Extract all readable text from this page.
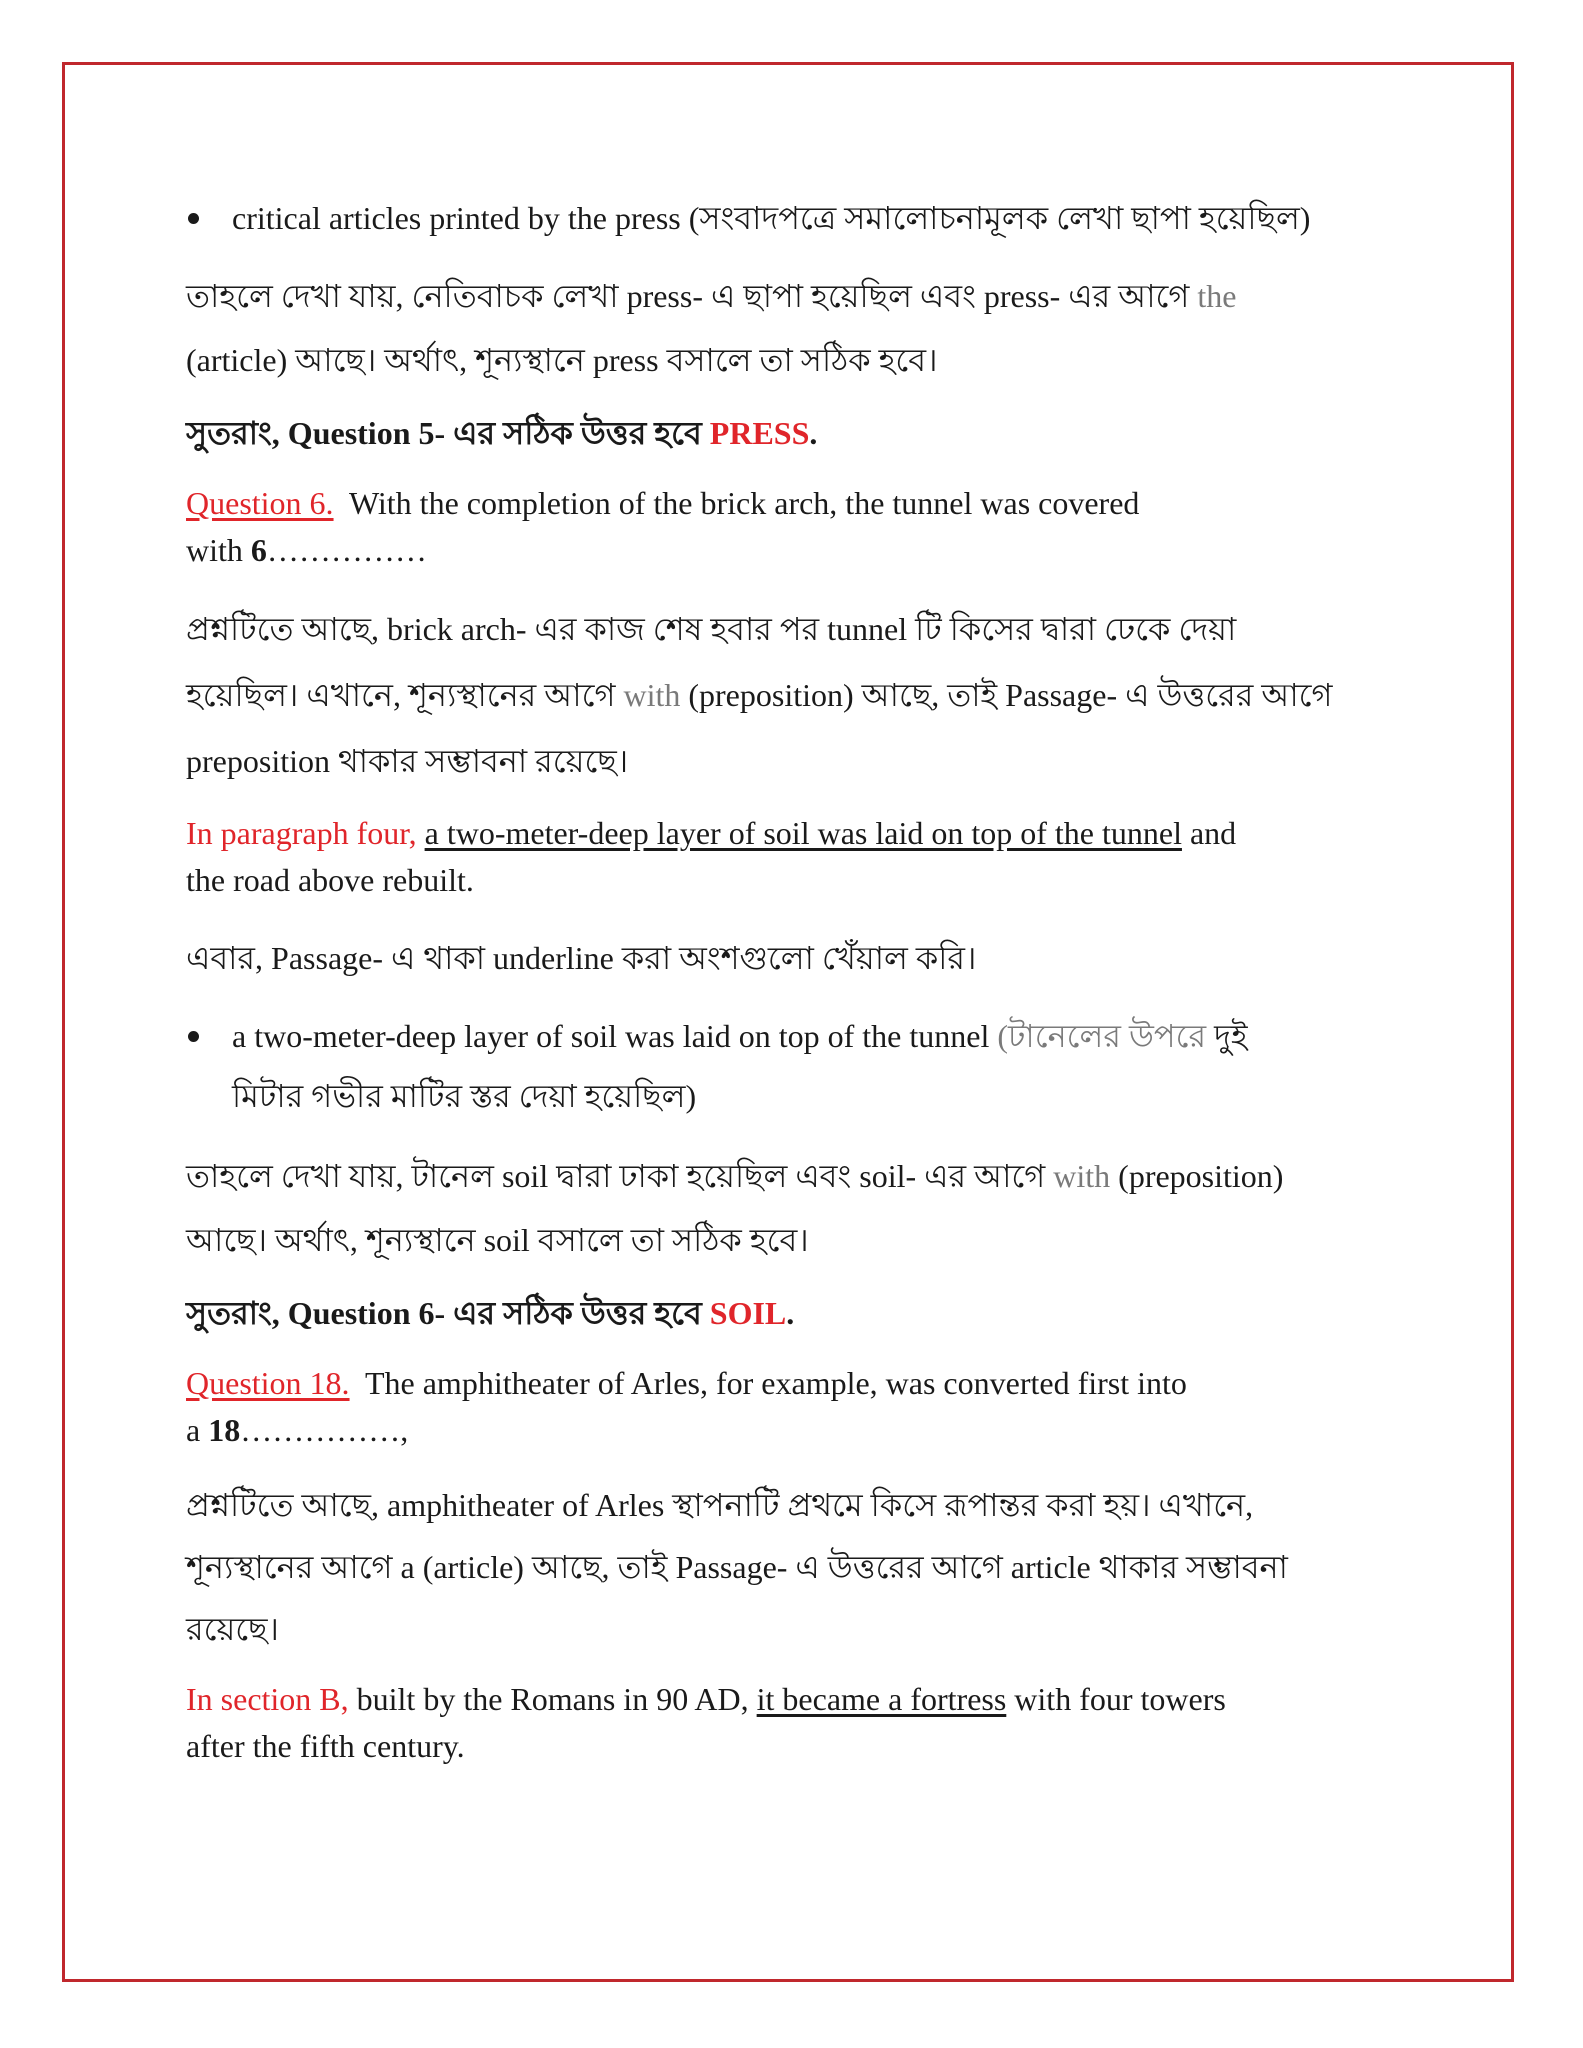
critical articles printed by the press (সংবাদপত্রে সমালোচনামূলক লেখা ছাপা হয়েছিল)

তাহলে দেখা যায়, নেতিবাচক লেখা press- এ ছাপা হয়েছিল এবং press- এর আগে the
(article) আছে। অর্থাৎ, শূন্যস্থানে press বসালে তা সঠিক হবে।

সুতরাং, Question 5- এর সঠিক উত্তর হবে PRESS.

Question 6. With the completion of the brick arch, the tunnel was covered
with 6……………

প্রশ্নটিতে আছে, brick arch- এর কাজ শেষ হবার পর tunnel টি কিসের দ্বারা ঢেকে দেয়া
হয়েছিল। এখানে, শূন্যস্থানের আগে with (preposition) আছে, তাই Passage- এ উত্তরের আগে
preposition থাকার সম্ভাবনা রয়েছে।

In paragraph four, a two-meter-deep layer of soil was laid on top of the tunnel and
the road above rebuilt.

এবার, Passage- এ থাকা underline করা অংশগুলো খেঁয়াল করি।

a two-meter-deep layer of soil was laid on top of the tunnel (টানেলের উপরে দুই
মিটার গভীর মাটির স্তর দেয়া হয়েছিল)

তাহলে দেখা যায়, টানেল soil দ্বারা ঢাকা হয়েছিল এবং soil- এর আগে with (preposition)
আছে। অর্থাৎ, শূন্যস্থানে soil বসালে তা সঠিক হবে।

সুতরাং, Question 6- এর সঠিক উত্তর হবে SOIL.

Question 18. The amphitheater of Arles, for example, was converted first into
a 18……………,

প্রশ্নটিতে আছে, amphitheater of Arles স্থাপনাটি প্রথমে কিসে রূপান্তর করা হয়। এখানে,
শূন্যস্থানের আগে a (article) আছে, তাই Passage- এ উত্তরের আগে article থাকার সম্ভাবনা
রয়েছে।

In section B, built by the Romans in 90 AD, it became a fortress with four towers
after the fifth century.
